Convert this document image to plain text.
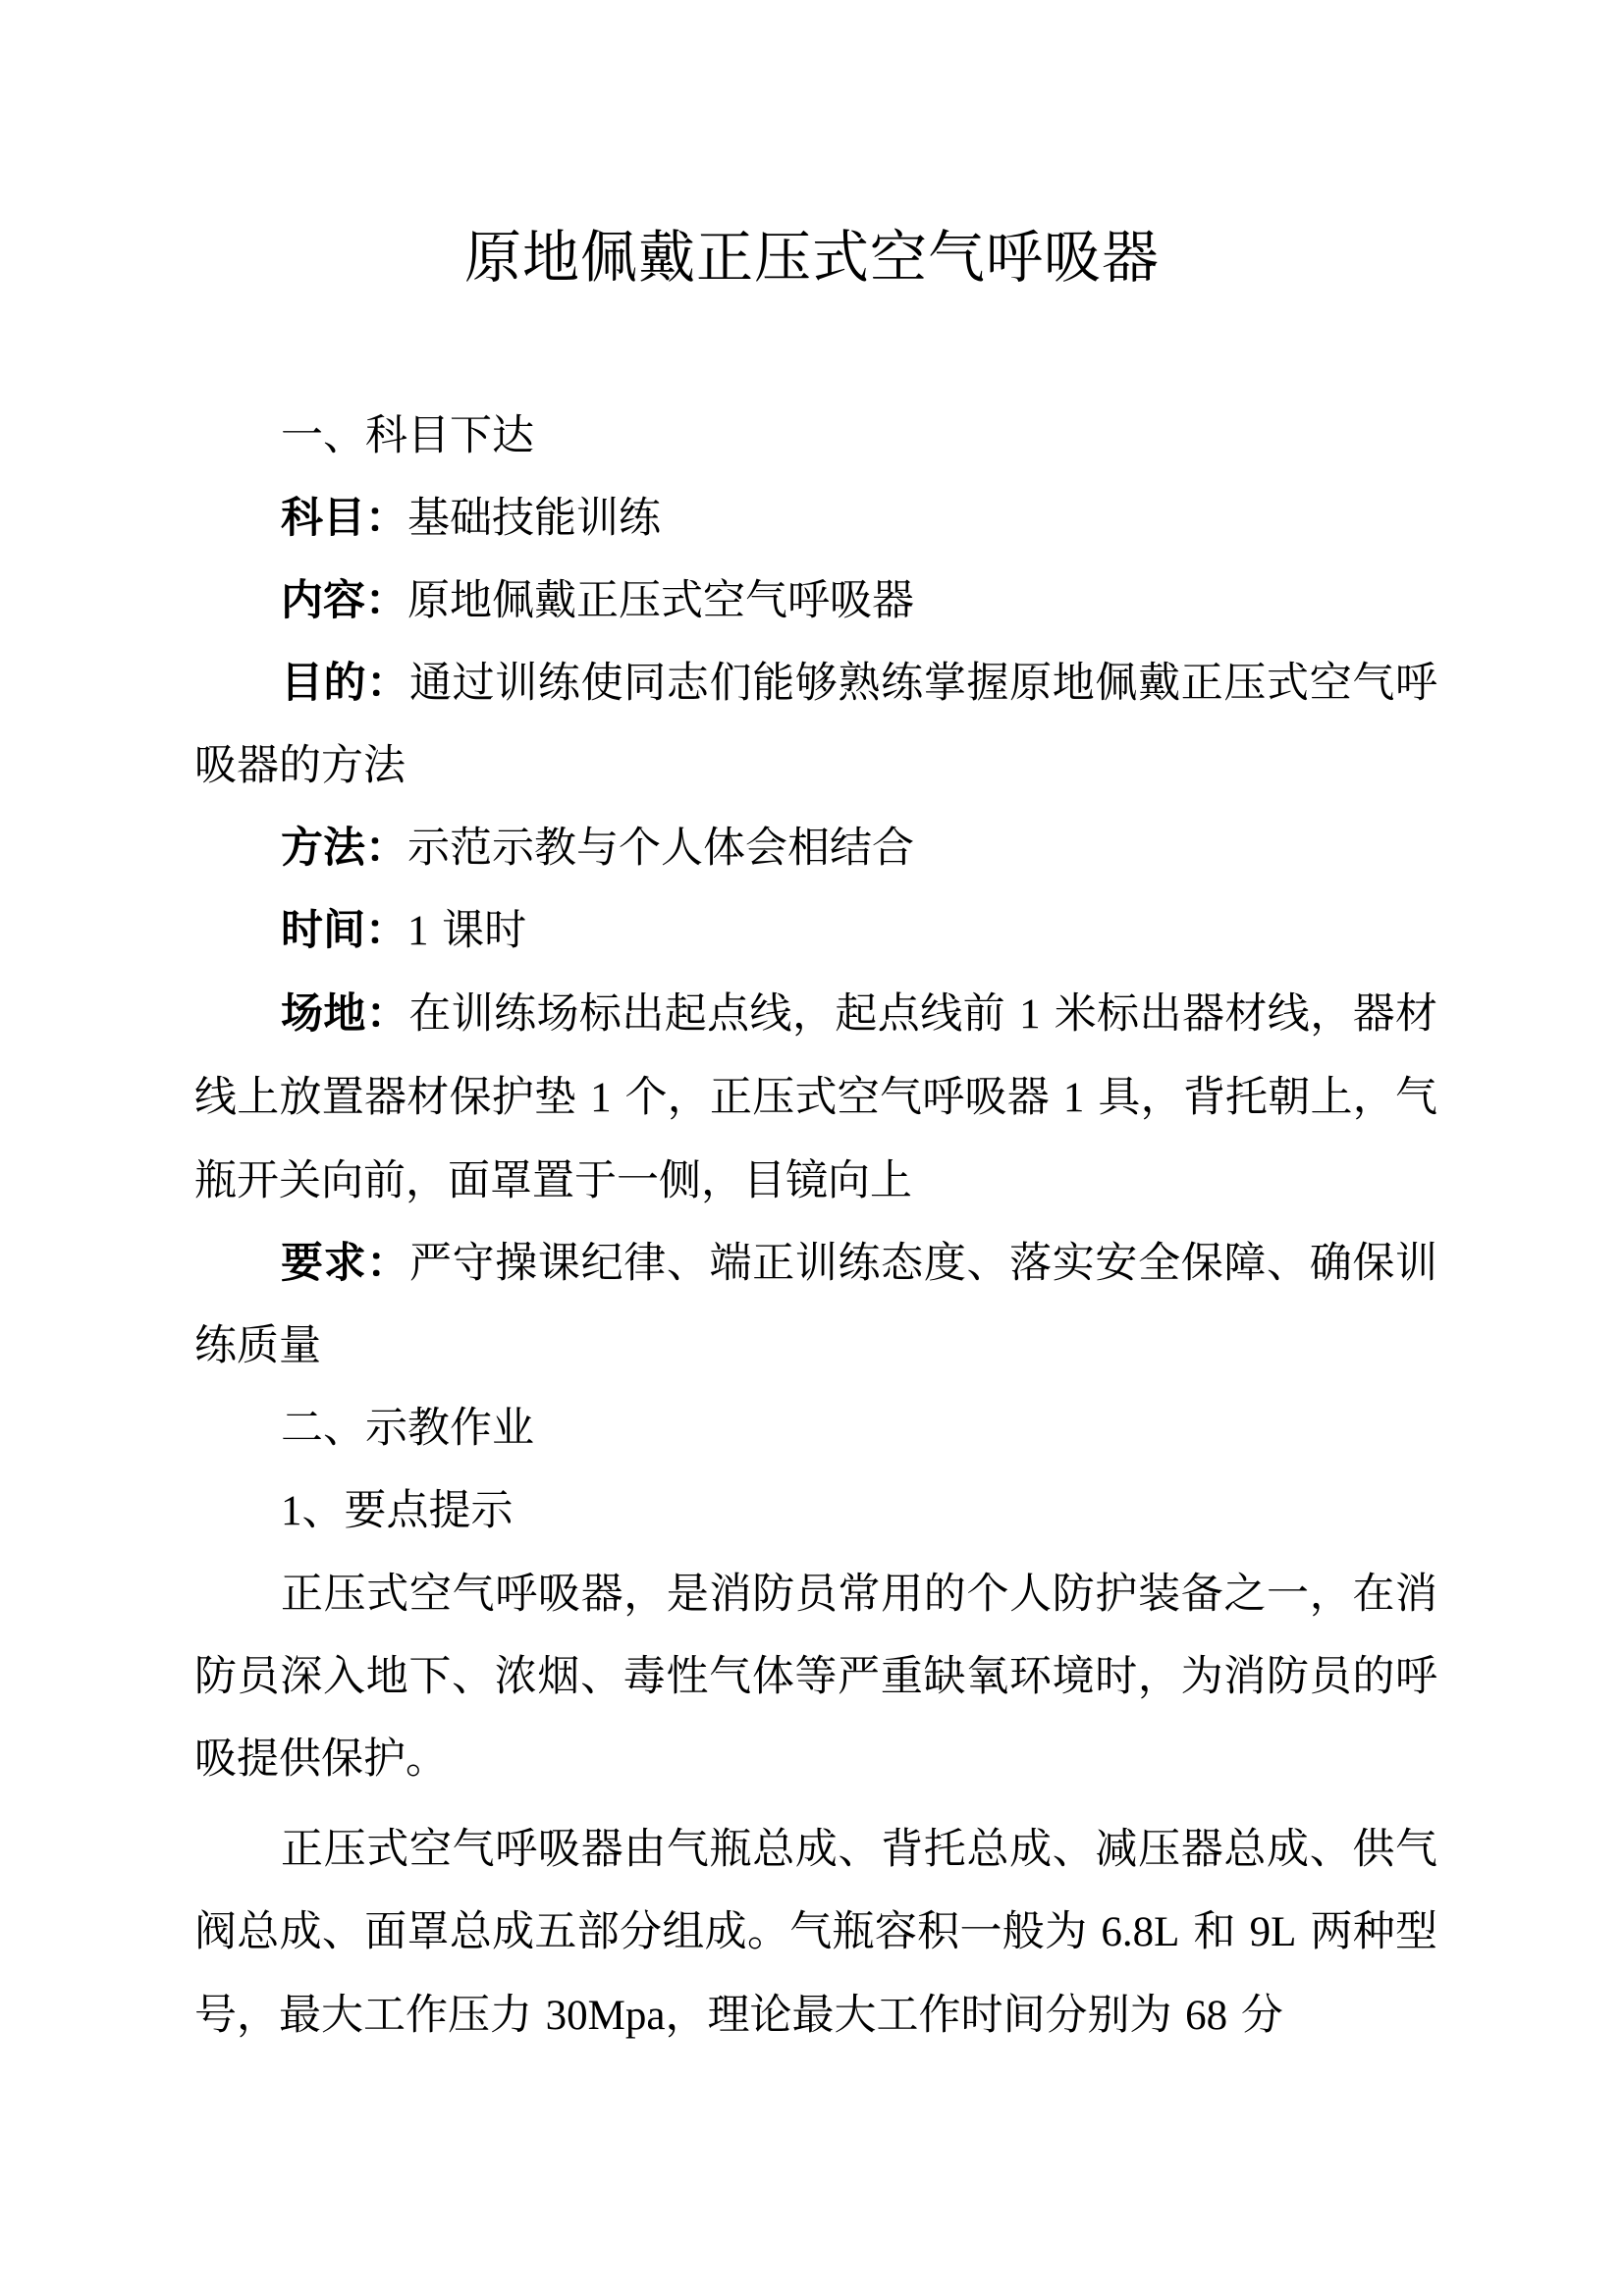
原地佩戴正压式空气呼吸器

一、科目下达

科目：基础技能训练

内容：原地佩戴正压式空气呼吸器

目的：通过训练使同志们能够熟练掌握原地佩戴正压式空气呼吸器的方法

方法：示范示教与个人体会相结合

时间：1 课时

场地：在训练场标出起点线，起点线前 1 米标出器材线，器材线上放置器材保护垫 1 个，正压式空气呼吸器 1 具，背托朝上，气瓶开关向前，面罩置于一侧，目镜向上

要求：严守操课纪律、端正训练态度、落实安全保障、确保训练质量

二、示教作业

1、要点提示

正压式空气呼吸器，是消防员常用的个人防护装备之一，在消防员深入地下、浓烟、毒性气体等严重缺氧环境时，为消防员的呼吸提供保护。

正压式空气呼吸器由气瓶总成、背托总成、减压器总成、供气阀总成、面罩总成五部分组成。气瓶容积一般为 6.8L 和 9L 两种型号，最大工作压力 30Mpa，理论最大工作时间分别为 68 分
